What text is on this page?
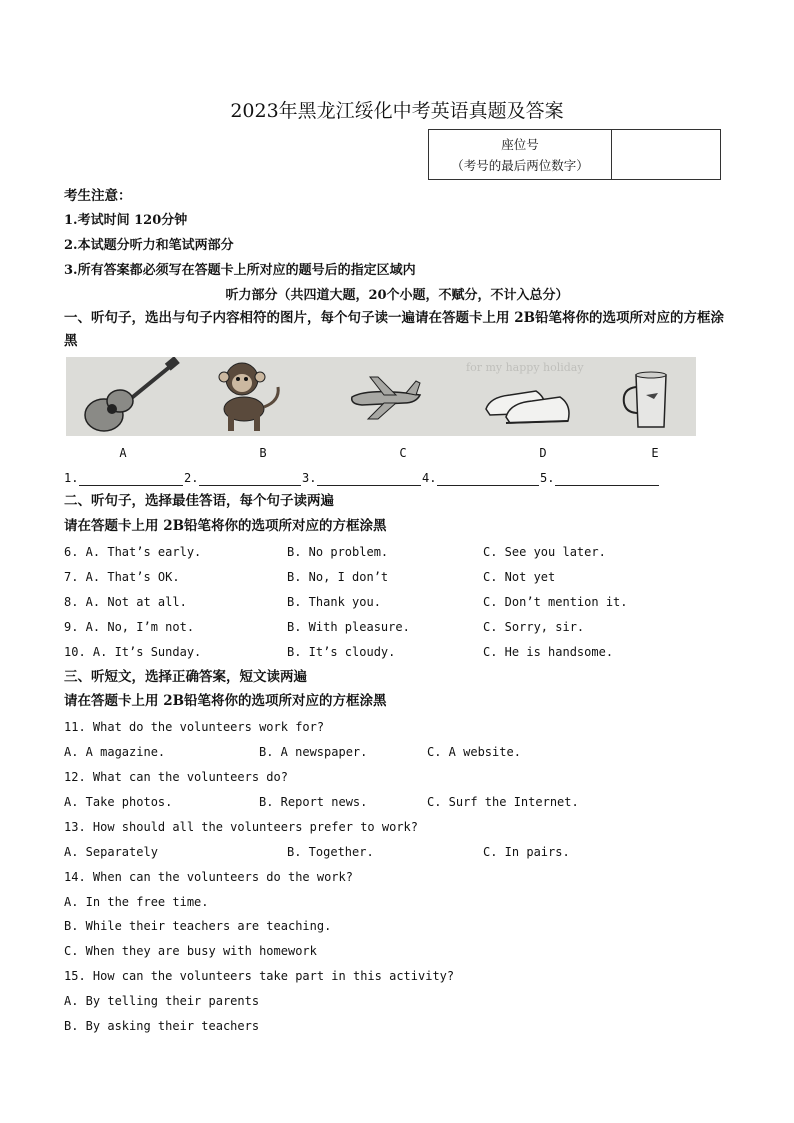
2023年黑龙江绥化中考英语真题及答案
座位号
（考号的最后两位数字）

考生注意：
1.考试时间 120分钟
2.本试题分听力和笔试两部分
3.所有答案都必须写在答题卡上所对应的题号后的指定区域内
听力部分（共四道大题，20个小题，不赋分，不计入总分）
一、听句子，选出与句子内容相符的图片，每个句子读一遍请在答题卡上用 2B铅笔将你的选项所对应的方框涂黑
for my happy holiday
A	B	C	D	E
1.	2.	3.	4.	5.
二、听句子，选择最佳答语，每个句子读两遍
请在答题卡上用 2B铅笔将你的选项所对应的方框涂黑
6. A. That’s early.	B. No problem.	C. See you later.
7. A. That’s OK.	B. No, I don’t	C. Not yet
8. A. Not at all.	B. Thank you.	C. Don’t mention it.
9. A. No, I’m not.	B. With pleasure.	C. Sorry, sir.
10. A. It’s Sunday.	B. It’s cloudy.	C. He is handsome.
三、听短文，选择正确答案，短文读两遍
请在答题卡上用 2B铅笔将你的选项所对应的方框涂黑
11. What do the volunteers work for?
A. A magazine.	B. A newspaper.	C. A website.
12. What can the volunteers do?
A. Take photos.	B. Report news.	C. Surf the Internet.
13. How should all the volunteers prefer to work?
A. Separately	B. Together.	C. In pairs.
14. When can the volunteers do the work?
A. In the free time.
B. While their teachers are teaching.
C. When they are busy with homework
15. How can the volunteers take part in this activity?
A. By telling their parents
B. By asking their teachers
